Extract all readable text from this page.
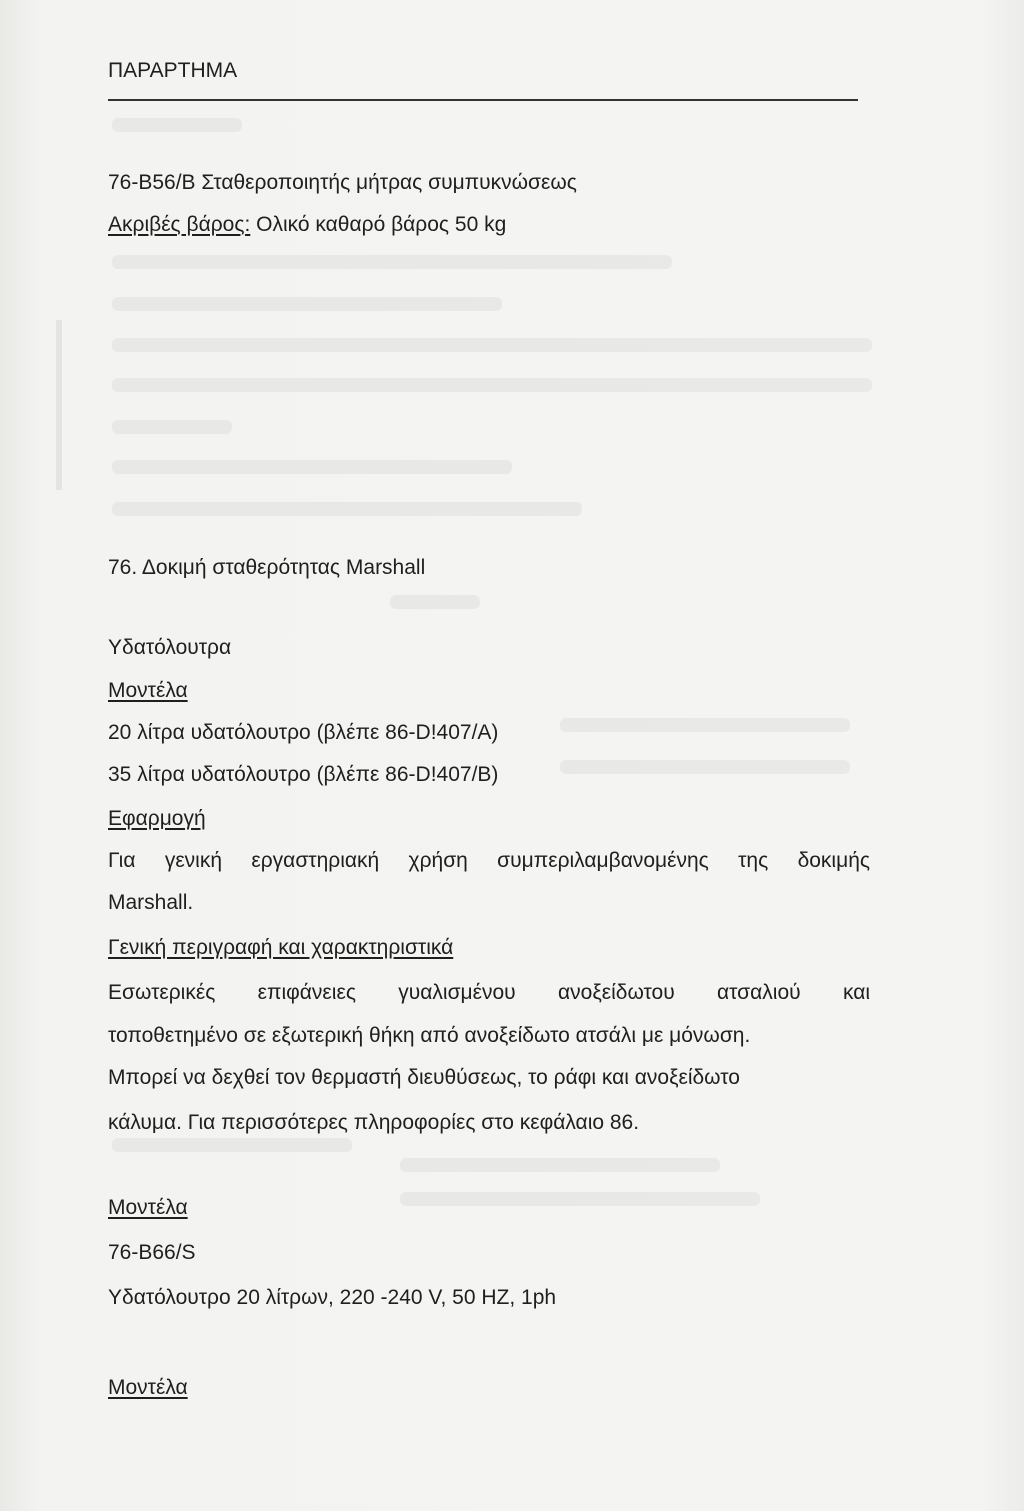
ΠΑΡΑΡΤΗΜΑ

76-B56/B Σταθεροποιητής μήτρας συμπυκνώσεως

Ακριβές βάρος: Ολικό καθαρό βάρος 50 kg

76. Δοκιμή σταθερότητας Marshall

Υδατόλουτρα

Μοντέλα

20 λίτρα υδατόλουτρο (βλέπε 86-D!407/A)

35 λίτρα υδατόλουτρο (βλέπε 86-D!407/B)

Εφαρμογή

Για γενική εργαστηριακή χρήση συμπεριλαμβανομένης της δοκιμής

Marshall.

Γενική περιγραφή και χαρακτηριστικά

Εσωτερικές επιφάνειες γυαλισμένου ανοξείδωτου ατσαλιού και

τοποθετημένο σε εξωτερική θήκη από ανοξείδωτο ατσάλι με μόνωση.

Μπορεί να δεχθεί τον θερμαστή διευθύσεως, το ράφι και ανοξείδωτο

κάλυμα. Για περισσότερες πληροφορίες στο κεφάλαιο 86.

Μοντέλα

76-B66/S

Υδατόλουτρο 20 λίτρων, 220 -240 V, 50 HZ, 1ph

Μοντέλα
